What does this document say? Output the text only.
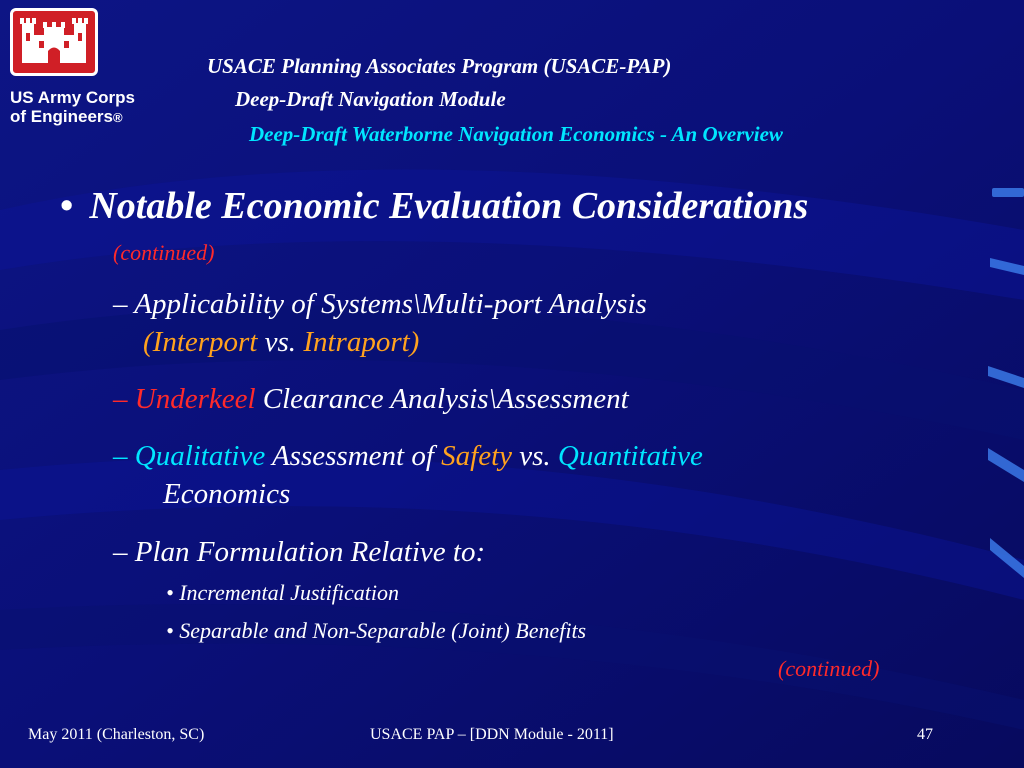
US Army Corps
of Engineers®
USACE Planning Associates Program (USACE-PAP)
Deep-Draft Navigation Module
Deep-Draft Waterborne Navigation Economics - An Overview
• Notable Economic Evaluation Considerations
(continued)
– Applicability of Systems\Multi-port Analysis
(Interport vs. Intraport)
– Underkeel Clearance Analysis\Assessment
– Qualitative Assessment of Safety vs. Quantitative
Economics
– Plan Formulation Relative to:
• Incremental Justification
• Separable and Non-Separable (Joint) Benefits
(continued)
May 2011 (Charleston, SC)	USACE PAP – [DDN Module - 2011]	47
